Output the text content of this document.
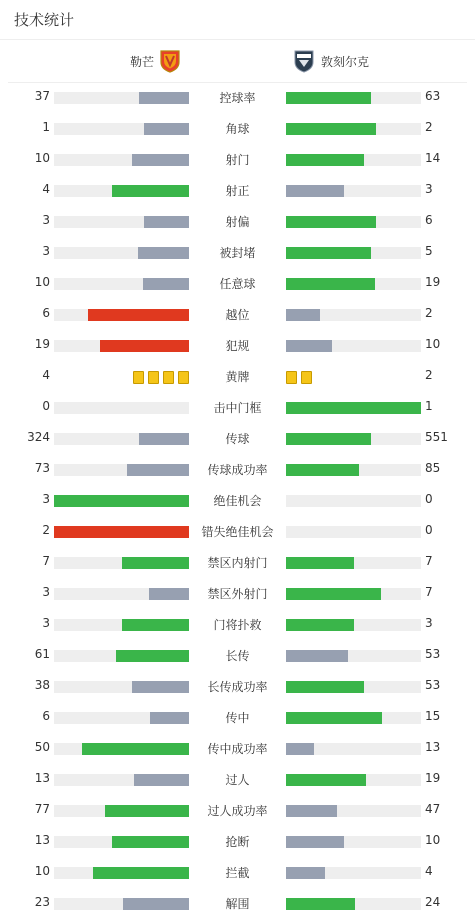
技术统计
勒芒	敦刻尔克
37	控球率	63
1	角球	2
10	射门	14
4	射正	3
3	射偏	6
3	被封堵	5
10	任意球	19
6	越位	2
19	犯规	10
4	黄牌	2
0	击中门框	1
324	传球	551
73	传球成功率	85
3	绝佳机会	0
2	错失绝佳机会	0
7	禁区内射门	7
3	禁区外射门	7
3	门将扑救	3
61	长传	53
38	长传成功率	53
6	传中	15
50	传中成功率	13
13	过人	19
77	过人成功率	47
13	抢断	10
10	拦截	4
23	解围	24
